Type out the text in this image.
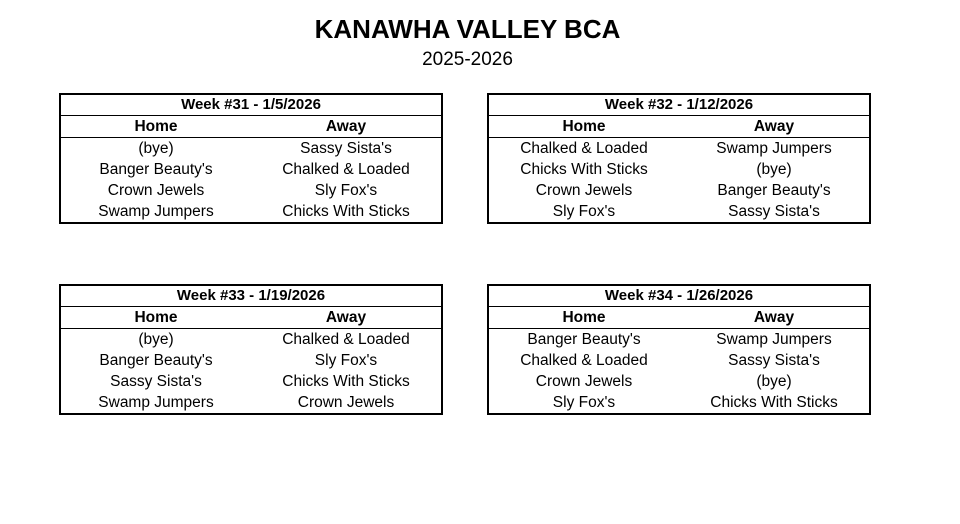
KANAWHA VALLEY BCA
2025-2026
Week #31 - 1/5/2026
Home	Away
(bye)	Sassy Sista's
Banger Beauty's	Chalked & Loaded
Crown Jewels	Sly Fox's
Swamp Jumpers	Chicks With Sticks
Week #32 - 1/12/2026
Home	Away
Chalked & Loaded	Swamp Jumpers
Chicks With Sticks	(bye)
Crown Jewels	Banger Beauty's
Sly Fox's	Sassy Sista's
Week #33 - 1/19/2026
Home	Away
(bye)	Chalked & Loaded
Banger Beauty's	Sly Fox's
Sassy Sista's	Chicks With Sticks
Swamp Jumpers	Crown Jewels
Week #34 - 1/26/2026
Home	Away
Banger Beauty's	Swamp Jumpers
Chalked & Loaded	Sassy Sista's
Crown Jewels	(bye)
Sly Fox's	Chicks With Sticks
